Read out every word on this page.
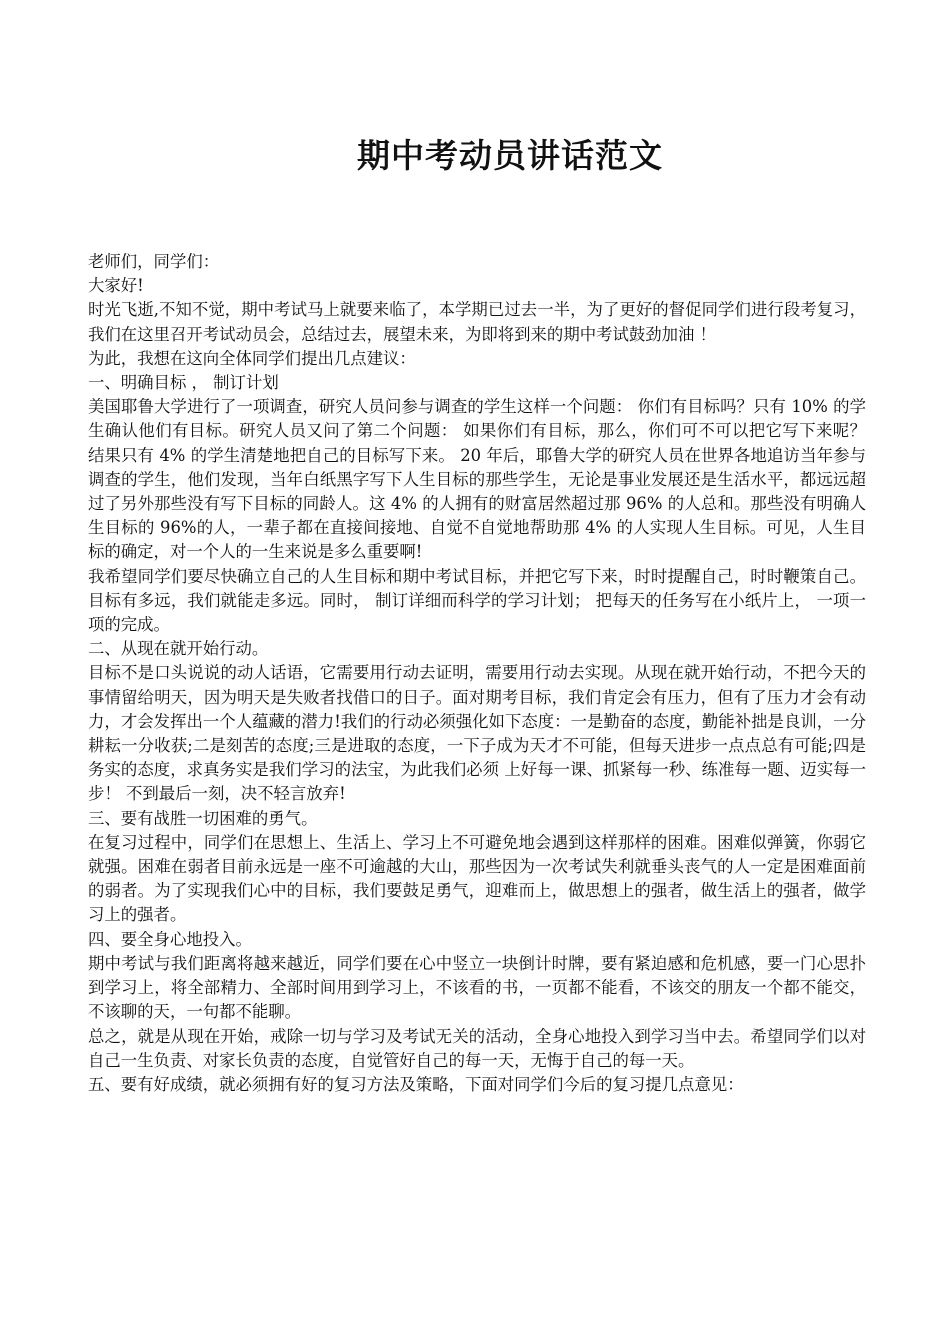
期中考动员讲话范文

老师们，同学们：

大家好!

时光飞逝,不知不觉，期中考试马上就要来临了，本学期已过去一半，为了更好的督促同学们进行段考复习，我们在这里召开考试动员会，总结过去，展望未来，为即将到来的期中考试鼓劲加油 ！

为此，我想在这向全体同学们提出几点建议：

一、明确目标 ， 制订计划

美国耶鲁大学进行了一项调查，研究人员问参与调查的学生这样一个问题： 你们有目标吗？只有 10% 的学生确认他们有目标。研究人员又问了第二个问题： 如果你们有目标，那么，你们可不可以把它写下来呢？ 结果只有 4% 的学生清楚地把自己的目标写下来。 20 年后，耶鲁大学的研究人员在世界各地追访当年参与调查的学生，他们发现，当年白纸黑字写下人生目标的那些学生，无论是事业发展还是生活水平，都远远超过了另外那些没有写下目标的同龄人。这 4% 的人拥有的财富居然超过那 96% 的人总和。那些没有明确人生目标的 96%的人，一辈子都在直接间接地、自觉不自觉地帮助那 4% 的人实现人生目标。可见，人生目标的确定，对一个人的一生来说是多么重要啊!

我希望同学们要尽快确立自己的人生目标和期中考试目标，并把它写下来，时时提醒自己，时时鞭策自己。目标有多远，我们就能走多远。同时， 制订详细而科学的学习计划； 把每天的任务写在小纸片上， 一项一项的完成。

二、从现在就开始行动。

目标不是口头说说的动人话语，它需要用行动去证明，需要用行动去实现。从现在就开始行动，不把今天的事情留给明天，因为明天是失败者找借口的日子。面对期考目标，我们肯定会有压力，但有了压力才会有动力，才会发挥出一个人蕴藏的潜力!我们的行动必须强化如下态度：一是勤奋的态度，勤能补拙是良训，一分耕耘一分收获;二是刻苦的态度;三是进取的态度，一下子成为天才不可能，但每天进步一点点总有可能;四是务实的态度，求真务实是我们学习的法宝，为此我们必须 上好每一课、抓紧每一秒、练准每一题、迈实每一步！ 不到最后一刻，决不轻言放弃!

三、要有战胜一切困难的勇气。

在复习过程中，同学们在思想上、生活上、学习上不可避免地会遇到这样那样的困难。困难似弹簧，你弱它就强。困难在弱者目前永远是一座不可逾越的大山，那些因为一次考试失利就垂头丧气的人一定是困难面前的弱者。为了实现我们心中的目标，我们要鼓足勇气，迎难而上，做思想上的强者，做生活上的强者，做学习上的强者。

四、要全身心地投入。

期中考试与我们距离将越来越近，同学们要在心中竖立一块倒计时牌，要有紧迫感和危机感，要一门心思扑到学习上，将全部精力、全部时间用到学习上，不该看的书，一页都不能看，不该交的朋友一个都不能交，不该聊的天，一句都不能聊。

总之，就是从现在开始，戒除一切与学习及考试无关的活动，全身心地投入到学习当中去。希望同学们以对自己一生负责、对家长负责的态度，自觉管好自己的每一天，无悔于自己的每一天。

五、要有好成绩，就必须拥有好的复习方法及策略，下面对同学们今后的复习提几点意见：
